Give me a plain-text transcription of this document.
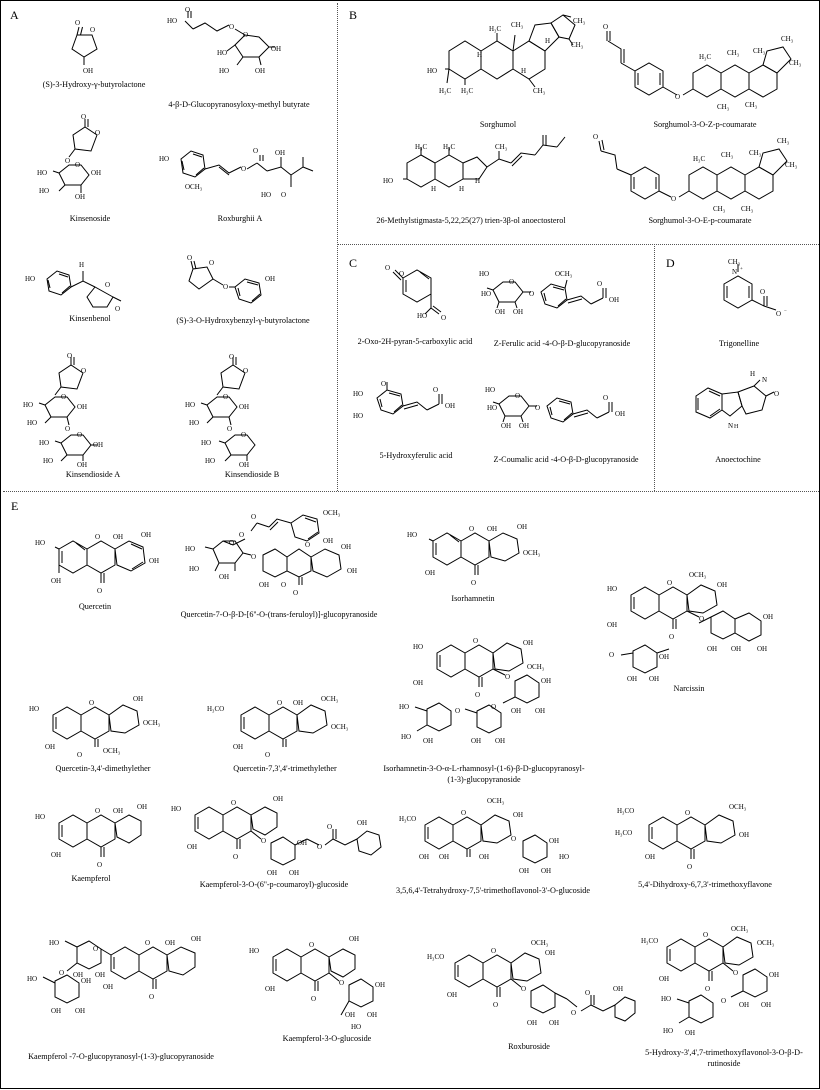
A
O
O
OH
(S)-3-Hydroxy-γ-butyrolactone
HO
O
O
O
HO
HO	OH
OH
4-β-D-Glucopyranosyloxy-methyl butyrate
O
O
O O
HO
HO
OH
OH
Kinsenoside
HO
OCH₃
O
O OH
HO O
Roxburghii A
HO
H
O
O
Kinsenbenol
O
O
O
OH
(S)-3-O-Hydroxybenzyl-γ-butyrolactone
O
O
O
HO
HO
OH
O
O
HO
HO	OH
OH
Kinsendioside A
O
O
O
HO
HO
OH
O
O
HO
HO	OH
Kinsendioside B
B
HO
H₃C H₃C
H₃C CH₃
H
H
H
CH₃
CH₃
CH₃
Sorghumol
O
O
H₃C CH₃ CH₃
CH₃
CH₃
CH₃ CH₃
Sorghumol-3-O-Z-p-coumarate
HO
H₃C H₃C
H	H
H
CH₃
26-Methylstigmasta-5,22,25(27) trien-3β-ol anoectosterol
O
O
H₃C CH₃ CH₃
CH₃
CH₃
CH₃ CH₃
Sorghumol-3-O-E-p-coumarate
C
O
O
HO O
2-Oxo-2H-pyran-5-carboxylic acid
HO
O
HO
OH OH
O
OCH₃
OH
O
Z-Ferulic acid -4-O-β-D-glucopyranoside
HO
HO
O
OH
O
5-Hydroxyferulic acid
HO
O
HO
OH OH
O
OH
O
Z-Coumalic acid -4-O-β-D-glucopyranoside
D
N +
CH₃
O
O −
Trigonelline
N H
N
O
H
Anoectochine
E
HO
OH
O
O
OH
OH
OH
Quercetin
OCH₃
OH
O
O
O
HO
HO
OH
O
OH O
O
OH
OH
O
Quercetin-7-O-β-D-[6''-O-(trans-feruloyl)]-glucopyranoside
HO
OH
O OH
O
OH
OCH₃
Isorhamnetin
HO
OH
O
OCH₃
OH
O
O
OH OH OH
OH
O
OH OH
OH
Narcissin
HO
OH
O
OCH₃
O
OH
OCH₃
Quercetin-3,4'-dimethylether
H₃CO
OH
O OH
O
OCH₃
OCH₃
Quercetin-7,3',4'-trimethylether
HO
OH
O	OH
OCH₃
O
O
OH OH
OH
O
OH OH
O
HO
HO OH
Isorhamnetin-3-O-α-L-rhamnosyl-(1-6)-β-D-glucopyranosyl-(1-3)-glucopyranoside
HO
OH
O OH
O
OH
Kaempferol
HO
OH
O	OH
O
O
OH OH
OH O
O	OH
Kaempferol-3-O-(6''-p-coumaroyl)-glucoside
H₃CO
OH OH
O
OH
OCH₃
OH
O
OH OH
OH
HO
3,5,6,4'-Tetrahydroxy-7,5'-trimethoflavonol-3'-O-glucoside
H₃CO
H₃CO
OH
O
O
OCH₃
OH
5,4'-Dihydroxy-6,7,3'-trimethoxyflavone
O OH
O
OH
OH
O
HO
OH OH
O
HO
OH OH
OH
Kaempferol -7-O-glucopyranosyl-(1-3)-glucopyranoside
HO
OH
O
OH
O
O
OH OH
OH
HO
Kaempferol-3-O-glucoside
H₃CO
OH
O
OCH₃
OH
O
O
OH OH
O
O	OH
Roxburoside
H₃CO
OH
O
OCH₃
OCH₃
O
O
OH OH
OH
O
HO
HO OH
5-Hydroxy-3',4',7-trimethoxyflavonol-3-O-β-D-rutinoside
